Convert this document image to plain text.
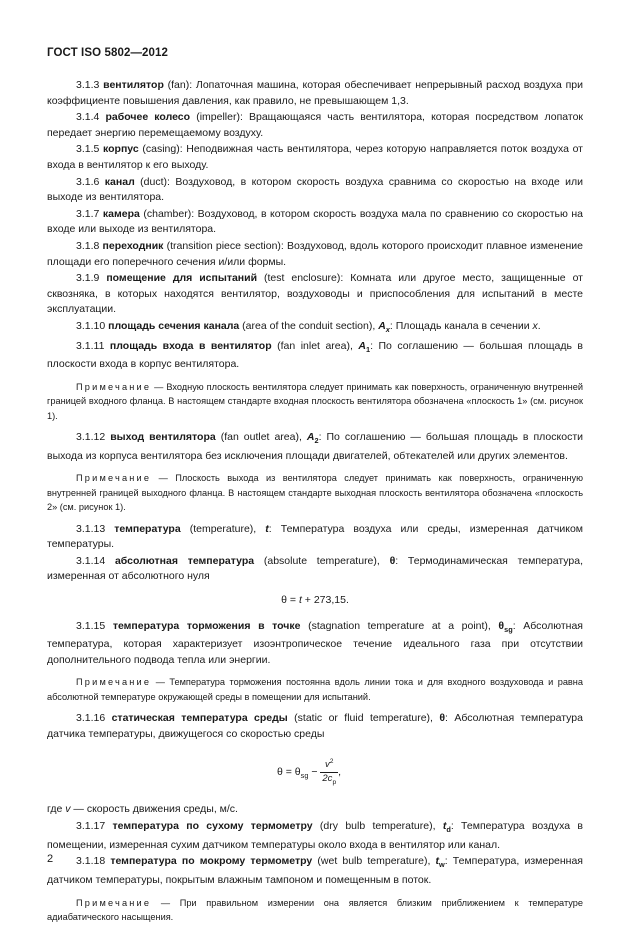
ГОСТ ISO 5802—2012

3.1.3 вентилятор (fan): Лопаточная машина, которая обеспечивает непрерывный расход воздуха при коэффициенте повышения давления, как правило, не превышающем 1,3.

3.1.4 рабочее колесо (impeller): Вращающаяся часть вентилятора, которая посредством лопаток передает энергию перемещаемому воздуху.

3.1.5 корпус (casing): Неподвижная часть вентилятора, через которую направляется поток воздуха от входа в вентилятор к его выходу.

3.1.6 канал (duct): Воздуховод, в котором скорость воздуха сравнима со скоростью на входе или выходе из вентилятора.

3.1.7 камера (chamber): Воздуховод, в котором скорость воздуха мала по сравнению со скоростью на входе или выходе из вентилятора.

3.1.8 переходник (transition piece section): Воздуховод, вдоль которого происходит плавное изменение площади его поперечного сечения и/или формы.

3.1.9 помещение для испытаний (test enclosure): Комната или другое место, защищенные от сквозняка, в которых находятся вентилятор, воздуховоды и приспособления для испытаний в месте эксплуатации.

3.1.10 площадь сечения канала (area of the conduit section), $A_x$: Площадь канала в сечении x.

3.1.11 площадь входа в вентилятор (fan inlet area), $A_1$: По соглашению — большая площадь в плоскости входа в корпус вентилятора.

Примечание — Входную плоскость вентилятора следует принимать как поверхность, ограниченную внутренней границей входного фланца. В настоящем стандарте входная плоскость вентилятора обозначена «плоскость 1» (см. рисунок 1).

3.1.12 выход вентилятора (fan outlet area), $A_2$: По соглашению — большая площадь в плоскости выхода из корпуса вентилятора без исключения площади двигателей, обтекателей или других элементов.

Примечание — Плоскость выхода из вентилятора следует принимать как поверхность, ограниченную внутренней границей выходного фланца. В настоящем стандарте выходная плоскость вентилятора обозначена «плоскость 2» (см. рисунок 1).

3.1.13 температура (temperature), t: Температура воздуха или среды, измеренная датчиком температуры.

3.1.14 абсолютная температура (absolute temperature), θ: Термодинамическая температура, измеренная от абсолютного нуля

θ = t + 273,15.

3.1.15 температура торможения в точке (stagnation temperature at a point), $\theta_{sg}$: Абсолютная температура, которая характеризует изоэнтропическое течение идеального газа при отсутствии дополнительного подвода тепла или энергии.

Примечание — Температура торможения постоянна вдоль линии тока и для входного воздуховода и равна абсолютной температуре окружающей среды в помещении для испытаний.

3.1.16 статическая температура среды (static or fluid temperature), θ: Абсолютная температура датчика температуры, движущегося со скоростью среды

$\theta = \theta_{sg} - \frac{v^2}{2c_p}$ ,

где v — скорость движения среды, м/с.

3.1.17 температура по сухому термометру (dry bulb temperature), $t_d$: Температура воздуха в помещении, измеренная сухим датчиком температуры около входа в вентилятор или канал.

3.1.18 температура по мокрому термометру (wet bulb temperature), $t_w$: Температура, измеренная датчиком температуры, покрытым влажным тампоном и помещенным в поток.

Примечание — При правильном измерении она является близким приближением к температуре адиабатического насыщения.

2
